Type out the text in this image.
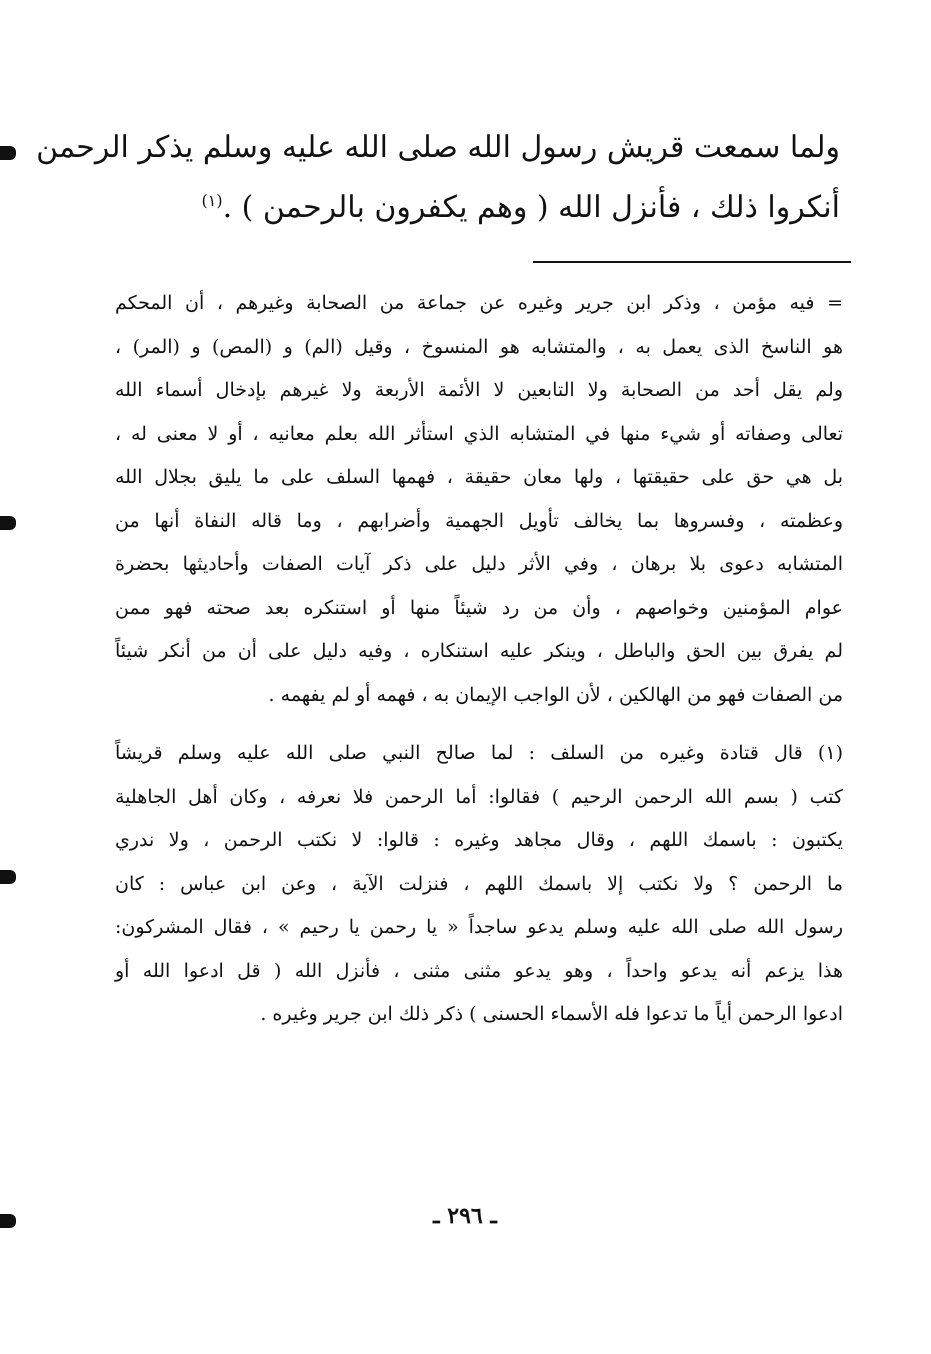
ولما سمعت قريش رسول الله صلى الله عليه وسلم يذكر الرحمن
أنكروا ذلك ، فأنزل الله ( وهم يكفرون بالرحمن ) .$^{(١)}$
= فيه مؤمن ، وذكر ابن جرير وغيره عن جماعة من الصحابة وغيرهم ، أن المحكم
هو الناسخ الذى يعمل به ، والمتشابه هو المنسوخ ، وقيل (الم) و (المص) و (المر) ،
ولم يقل أحد من الصحابة ولا التابعين لا الأئمة الأربعة ولا غيرهم بإدخال أسماء الله
تعالى وصفاته أو شيء منها في المتشابه الذي استأثر الله بعلم معانيه ، أو لا معنى له ،
بل هي حق على حقيقتها ، ولها معان حقيقة ، فهمها السلف على ما يليق بجلال الله
وعظمته ، وفسروها بما يخالف تأويل الجهمية وأضرابهم ، وما قاله النفاة أنها من
المتشابه دعوى بلا برهان ، وفي الأثر دليل على ذكر آيات الصفات وأحاديثها بحضرة
عوام المؤمنين وخواصهم ، وأن من رد شيئاً منها أو استنكره بعد صحته فهو ممن
لم يفرق بين الحق والباطل ، وينكر عليه استنكاره ، وفيه دليل على أن من أنكر شيئاً
من الصفات فهو من الهالكين ، لأن الواجب الإيمان به ، فهمه أو لم يفهمه .
(١) قال قتادة وغيره من السلف : لما صالح النبي صلى الله عليه وسلم قريشاً
كتب ( بسم الله الرحمن الرحيم ) فقالوا: أما الرحمن فلا نعرفه ، وكان أهل الجاهلية
يكتبون : باسمك اللهم ، وقال مجاهد وغيره : قالوا: لا نكتب الرحمن ، ولا ندري
ما الرحمن ؟ ولا نكتب إلا باسمك اللهم ، فنزلت الآية ، وعن ابن عباس : كان
رسول الله صلى الله عليه وسلم يدعو ساجداً « يا رحمن يا رحيم » ، فقال المشركون:
هذا يزعم أنه يدعو واحداً ، وهو يدعو مثنى مثنى ، فأنزل الله ( قل ادعوا الله أو
ادعوا الرحمن أياً ما تدعوا فله الأسماء الحسنى ) ذكر ذلك ابن جرير وغيره .
ـ ٢٩٦ ـ
